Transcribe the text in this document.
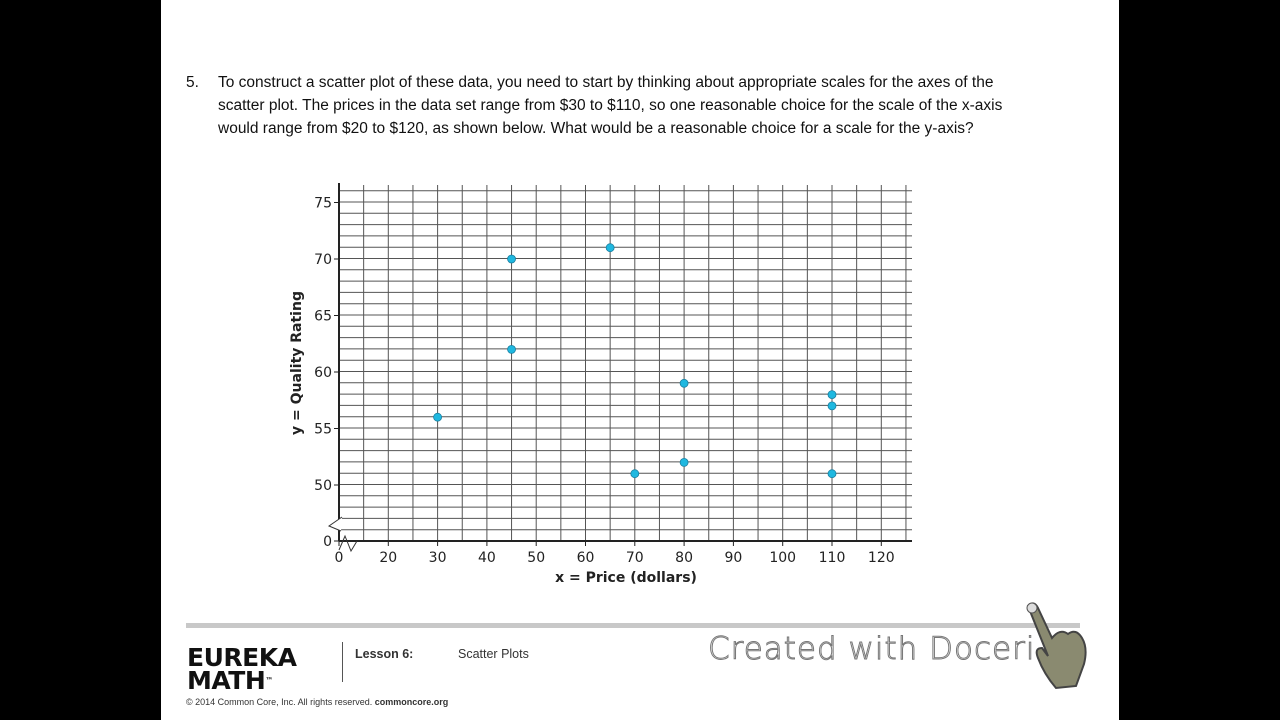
5. To construct a scatter plot of these data, you need to start by thinking about appropriate scales for the axes of the
scatter plot. The prices in the data set range from $30 to $110, so one reasonable choice for the scale of the x-axis
would range from $20 to $120, as shown below. What would be a reasonable choice for a scale for the y-axis?
0	20 30 40 50 60 70 80 90 100 110 120
0
50
55
60
65
70
75
x = Price (dollars)
y = Quality Rating
EUREKA
MATH™
Lesson 6:	Scatter Plots
© 2014 Common Core, Inc. All rights reserved. commoncore.org
Created with Doceri
